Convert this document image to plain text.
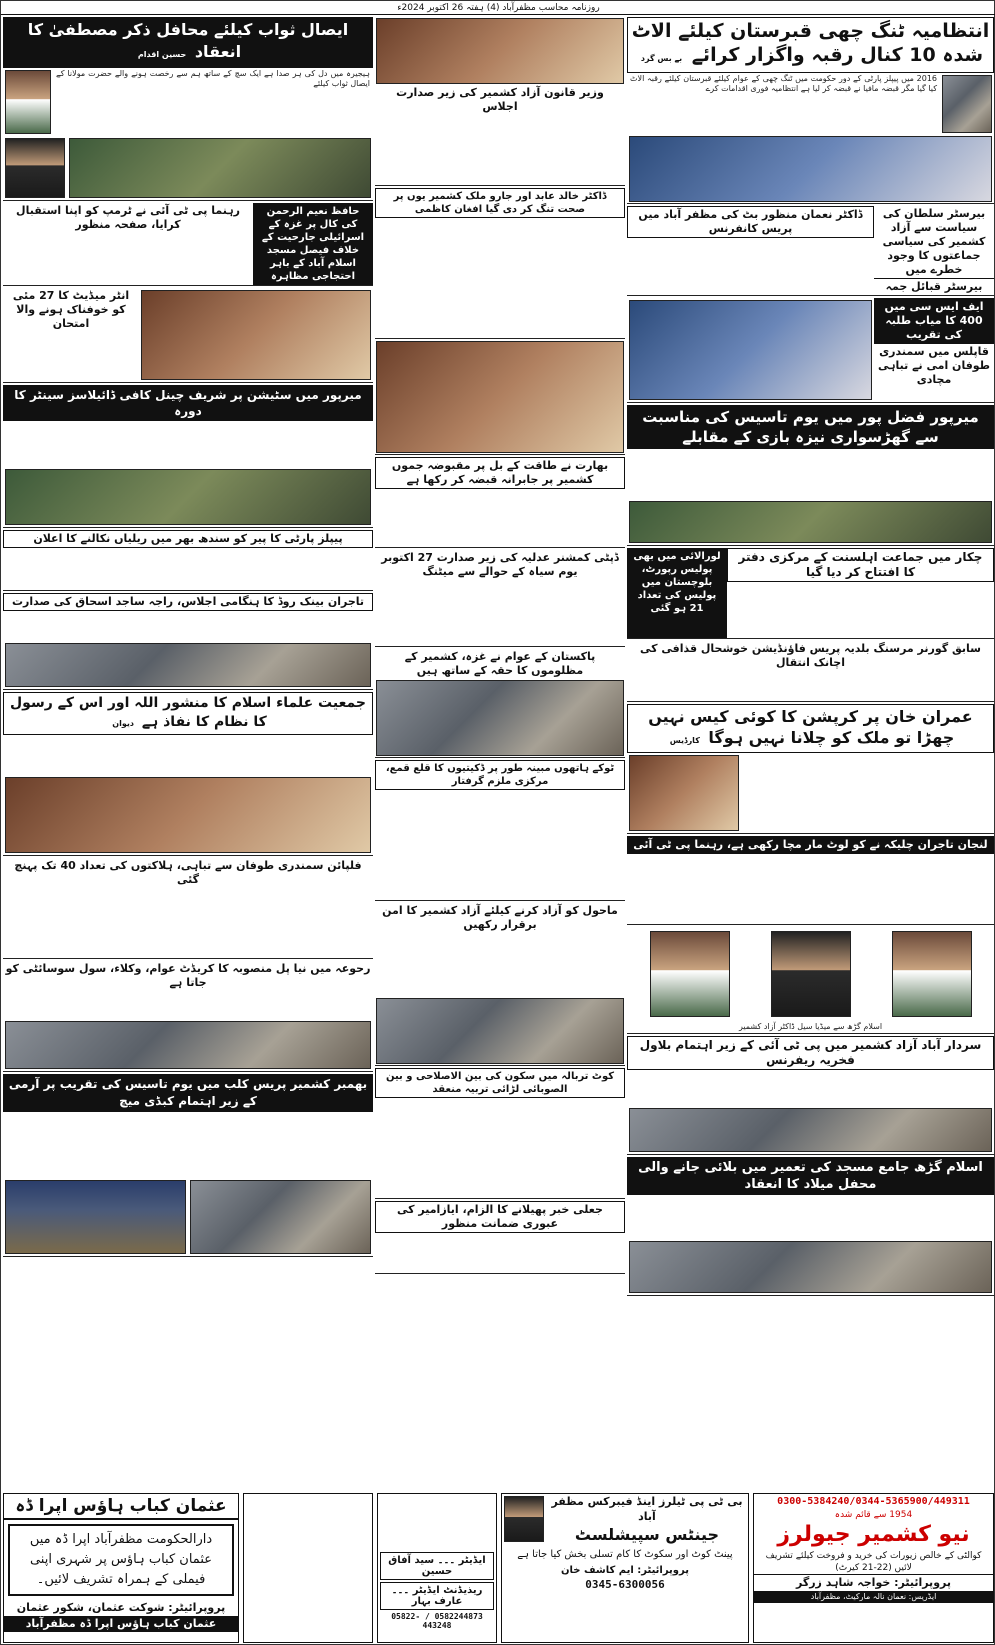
روزنامہ محاسب مظفرآباد (4) ہفتہ 26 اکتوبر 2024ء
انتظامیہ ٹنگ چھی قبرستان کیلئے الاٹ شدہ 10 کنال رقبہ واگزار کرائے بے بس گرد
2016 میں پیپلز پارٹی کے دور حکومت میں ٹنگ چھی کے عوام کیلئے قبرستان کیلئے رقبہ الاٹ کیا گیا مگر قبضہ مافیا نے قبضہ کر لیا ہے انتظامیہ فوری اقدامات کرے
بیرسٹر سلطان کی سیاست سے آزاد کشمیر کی سیاسی جماعتوں کا وجود خطرے میں
بیرسٹر قبائل جمہ
ڈاکٹر نعمان منظور بٹ کی مظفر آباد میں پریس کانفرنس
ایف ایس سی میں 400 کا میاب طلبہ کی تقریب
قاپلس میں سمندری طوفان امی نے تباہی مچادی
میرپور فضل پور میں یوم تاسیس کی مناسبت سے گھڑسواری نیزہ بازی کے مقابلے
چکار میں جماعت اہلسنت کے مرکزی دفتر کا افتتاح کر دیا گیا
لورالائی میں بھی پولیس رپورٹ، بلوچستان میں پولیس کی تعداد 21 ہو گئی
سابق گورنر مرسنگ بلدیہ پریس فاؤنڈیشن خوشحال قذافی کی اچانک انتقال
عمران خان پر کرپشن کا کوئی کیس نہیں چھڑا تو ملک کو چلانا نہیں ہوگا کارڈیس
لنجان تاجران چلیکہ نے کو لوٹ مار مچا رکھی ہے، رہنما پی ٹی آئی
اسلام گڑھ سے میڈیا سیل ڈاکٹر آزاد کشمیر
سردار آباد آزاد کشمیر میں پی ٹی آئی کے زیر اہتمام بلاول فخریہ ریفرنس
اسلام گڑھ جامع مسجد کی تعمیر میں بلائی جانے والی محفل میلاد کا انعقاد
وزیر قانون آزاد کشمیر کی زیر صدارت اجلاس
ڈاکٹر خالد عابد اور جارو ملک کشمیر یوں پر صحت تنگ کر دی گیا افغان کاظمی
بھارت نے طاقت کے بل پر مقبوضہ جموں کشمیر پر جابرانہ قبضہ کر رکھا ہے
ڈپٹی کمشنر عدلیہ کی زیر صدارت 27 اکتوبر یوم سیاہ کے حوالے سے میٹنگ
پاکستان کے عوام نے غزہ، کشمیر کے مظلوموں کا حقہ کے ساتھ ہیں
ٹوکے ہاتھوں مبینہ طور پر ڈکیتیوں کا قلع قمع، مرکزی ملزم گرفتار
ماحول کو آزاد کرنے کیلئے آزاد کشمیر کا امن برقرار رکھیں
کوٹ تربالہ میں سکون کی بین الاصلاحی و بین الصوبائی لڑائی تربیہ منعقد
جعلی خبر پھیلانے کا الزام، ایازامیر کی عبوری ضمانت منظور
ایصال ثواب کیلئے محافل ذکر مصطفیٰ کا انعقاد حسین اقدام
ہیجیرہ میں دل کی ہر صدا ہے ایک سچ کے ساتھ ہم سے رخصت ہونے والے حضرت مولانا کے ایصال ثواب کیلئے
حافظ نعیم الرحمن کی کال پر غزہ کے اسرائیلی جارحیت کے خلاف فیصل مسجد اسلام آباد کے باہر احتجاجی مظاہرہ
رہنما پی ٹی آئی نے ٹرمپ کو اپنا استقبال کرایا، صفحہ منظور
انٹر میڈیٹ کا 27 مئی کو خوفناک ہونے والا امتحان
میرپور میں سٹیشن پر شریف چینل کافی ڈائیلاسز سینٹر کا دورہ
پیپلز پارٹی کا پیر کو سندھ بھر میں ریلیاں نکالنے کا اعلان
تاجران بینک روڈ کا ہنگامی اجلاس، راجہ ساجد اسحاق کی صدارت
جمعیت علماء اسلام کا منشور اللہ اور اس کے رسول کا نظام کا نفاذ ہے دیوان
فلپائن سمندری طوفان سے تباہی، ہلاکتوں کی تعداد 40 تک پہنچ گئی
رحوعہ میں نیا پل منصوبہ کا کریڈٹ عوام، وکلاء، سول سوسائٹی کو جاتا ہے
بھمبر کشمیر پریس کلب میں یوم تاسیس کی تقریب پر آرمی کے زیر اہتمام کبڈی میچ
عثمان کباب ہاؤس اپرا ڈہ
دارالحکومت مظفرآباد اپرا ڈہ میں عثمان کباب ہاؤس پر شہری اپنی فیملی کے ہمراہ تشریف لائیں۔
پروپرائیٹر: شوکت عثمان، شکور عثمان
عثمان کباب ہاؤس اپرا ڈہ مظفرآباد
ایڈیٹر ۔۔۔ سید آفاق حسین
ریذیڈنٹ ایڈیٹر ۔۔۔ عارف بہار
0582244873 / 05822-443248
بی ٹی پی ٹیلرز اینڈ فیبرکس مظفر آباد
جینٹس سپیشلسٹ
پینٹ کوٹ اور سکوٹ کا کام تسلی بخش کیا جاتا ہے
پروپرائیٹر: ایم کاشف خان
0345-6300056
0300-5384240/0344-5365900/449311
1954 سے قائم شدہ
نیو کشمیر جیولرز
کوالٹی کے خالص زیورات کی خرید و فروخت کیلئے تشریف لائیں (22-21 کیرٹ)
پروپرائیٹر: خواجہ شاہد زرگر
ایڈریس: نعمان نالہ مارکیٹ، مظفرآباد
